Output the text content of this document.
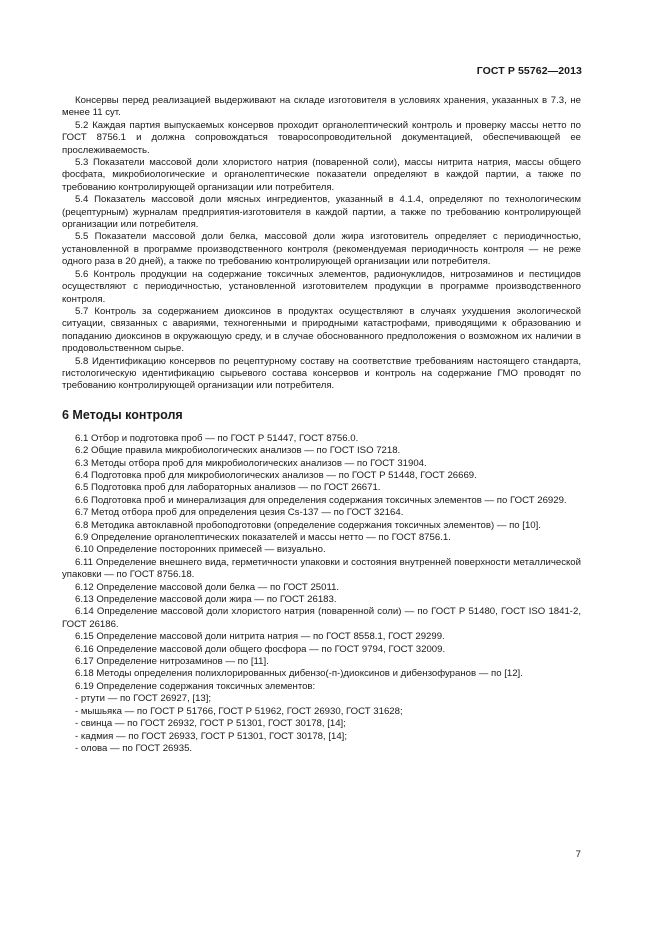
ГОСТ Р 55762—2013

Консервы перед реализацией выдерживают на складе изготовителя в условиях хранения, указанных в 7.3, не менее 11 сут.

5.2 Каждая партия выпускаемых консервов проходит органолептический контроль и проверку массы нетто по ГОСТ 8756.1 и должна сопровождаться товаросопроводительной документацией, обеспечивающей ее прослеживаемость.

5.3 Показатели массовой доли хлористого натрия (поваренной соли), массы нитрита натрия, массы общего фосфата, микробиологические и органолептические показатели определяют в каждой партии, а также по требованию контролирующей организации или потребителя.

5.4 Показатель массовой доли мясных ингредиентов, указанный в 4.1.4, определяют по технологическим (рецептурным) журналам предприятия-изготовителя в каждой партии, а также по требованию контролирующей организации или потребителя.

5.5 Показатели массовой доли белка, массовой доли жира изготовитель определяет с периодичностью, установленной в программе производственного контроля (рекомендуемая периодичность контроля — не реже одного раза в 20 дней), а также по требованию контролирующей организации или потребителя.

5.6 Контроль продукции на содержание токсичных элементов, радионуклидов, нитрозаминов и пестицидов осуществляют с периодичностью, установленной изготовителем продукции в программе производственного контроля.

5.7 Контроль за содержанием диоксинов в продуктах осуществляют в случаях ухудшения экологической ситуации, связанных с авариями, техногенными и природными катастрофами, приводящими к образованию и попаданию диоксинов в окружающую среду, и в случае обоснованного предположения о возможном их наличии в продовольственном сырье.

5.8 Идентификацию консервов по рецептурному составу на соответствие требованиям настоящего стандарта, гистологическую идентификацию сырьевого состава консервов и контроль на содержание ГМО проводят по требованию контролирующей организации или потребителя.

6 Методы контроля

6.1 Отбор и подготовка проб — по ГОСТ Р 51447, ГОСТ 8756.0.

6.2 Общие правила микробиологических анализов — по ГОСТ ISO 7218.

6.3 Методы отбора проб для микробиологических анализов — по ГОСТ 31904.

6.4 Подготовка проб для микробиологических анализов — по ГОСТ Р 51448, ГОСТ 26669.

6.5 Подготовка проб для лабораторных анализов — по ГОСТ 26671.

6.6 Подготовка проб и минерализация для определения содержания токсичных элементов — по ГОСТ 26929.

6.7 Метод отбора проб для определения цезия Cs-137 — по ГОСТ 32164.

6.8 Методика автоклавной пробоподготовки (определение содержания токсичных элементов) — по [10].

6.9 Определение органолептических показателей и массы нетто — по ГОСТ 8756.1.

6.10 Определение посторонних примесей — визуально.

6.11 Определение внешнего вида, герметичности упаковки и состояния внутренней поверхности металлической упаковки — по ГОСТ 8756.18.

6.12 Определение массовой доли белка — по ГОСТ 25011.

6.13 Определение массовой доли жира — по ГОСТ 26183.

6.14 Определение массовой доли хлористого натрия (поваренной соли) — по ГОСТ Р 51480, ГОСТ ISO 1841-2, ГОСТ 26186.

6.15 Определение массовой доли нитрита натрия — по ГОСТ 8558.1, ГОСТ 29299.

6.16 Определение массовой доли общего фосфора — по ГОСТ 9794, ГОСТ 32009.

6.17 Определение нитрозаминов — по [11].

6.18 Методы определения полихлорированных дибензо(-п-)диоксинов и дибензофуранов — по [12].

6.19 Определение содержания токсичных элементов:

- ртути — по ГОСТ 26927, [13];

- мышьяка — по ГОСТ Р 51766, ГОСТ Р 51962, ГОСТ 26930, ГОСТ 31628;

- свинца — по ГОСТ 26932, ГОСТ Р 51301, ГОСТ 30178, [14];

- кадмия — по ГОСТ 26933, ГОСТ Р 51301, ГОСТ 30178, [14];

- олова — по ГОСТ 26935.

7
